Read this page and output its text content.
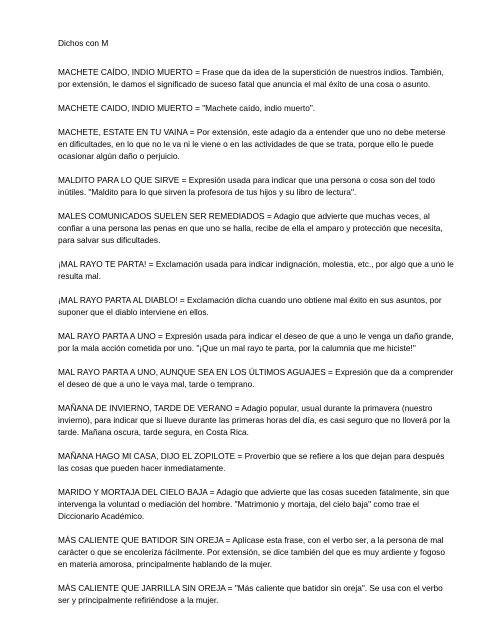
Dichos con M

MACHETE CAÍDO, INDIO MUERTO = Frase que da idea de la superstición de nuestros indios. También, por extensión, le damos el significado de suceso fatal que anuncia el mal éxito de una cosa o asunto.

MACHETE CAIDO, INDIO MUERTO = "Machete caído, indio muerto".

MACHETE, ESTATE EN TU VAINA = Por extensión, este adagio da a entender que uno no debe meterse en dificultades, en lo que no le va ni le viene o en las actividades de que se trata, porque ello le puede ocasionar algún daño o perjuicio.

MALDITO PARA LO QUE SIRVE = Expresión usada para indicar que una persona o cosa son del todo inútiles. "Maldito para lo que sirven la profesora de tus hijos y su libro de lectura".

MALES COMUNICADOS SUELEN SER REMEDIADOS = Adagio que advierte que muchas veces, al confiar a una persona las penas en que uno se halla, recibe de ella el amparo y protección que necesita, para salvar sus dificultades.

¡MAL RAYO TE PARTA! = Exclamación usada para indicar indignación, molestia, etc., por algo que a uno le resulta mal.

¡MAL RAYO PARTA AL DIABLO! = Exclamación dicha cuando uno obtiene mal éxito en sus asuntos, por suponer que el diablo interviene en ellos.

MAL RAYO PARTA A UNO = Expresión usada para indicar el deseo de que a uno le venga un daño grande, por la mala acción cometida por uno. "¡Que un mal rayo te parta, por la calumnia que me hiciste!"

MAL RAYO PARTA A UNO, AUNQUE SEA EN LOS ÚLTIMOS AGUAJES = Expresión que da a comprender el deseo de que a uno le vaya mal, tarde o temprano.

MAÑANA DE INVIERNO, TARDE DE VERANO = Adagio popular, usual durante la primavera (nuestro invierno), para indicar que si llueve durante las primeras horas del día, es casi seguro que no lloverá por la tarde. Mañana oscura, tarde segura, en Costa Rica.

MAÑANA HAGO MI CASA, DIJO EL ZOPILOTE = Proverbio que se refiere a los que dejan para después las cosas que pueden hacer inmediatamente.

MARIDO Y MORTAJA DEL CIELO BAJA = Adagio que advierte que las cosas suceden fatalmente, sin que intervenga la voluntad o mediación del hombre. "Matrimonio y mortaja, del cielo baja" como trae el Diccionario Académico.

MÁS CALIENTE QUE BATIDOR SIN OREJA = Aplícase esta frase, con el verbo ser, a la persona de mal carácter o que se encoleriza fácilmente. Por extensión, se dice también del que es muy ardiente y fogoso en materia amorosa, principalmente hablando de la mujer.

MÁS CALIENTE QUE JARRILLA SIN OREJA = "Más caliente que batidor sin oreja". Se usa con el verbo ser y principalmente refiriéndose a la mujer.
